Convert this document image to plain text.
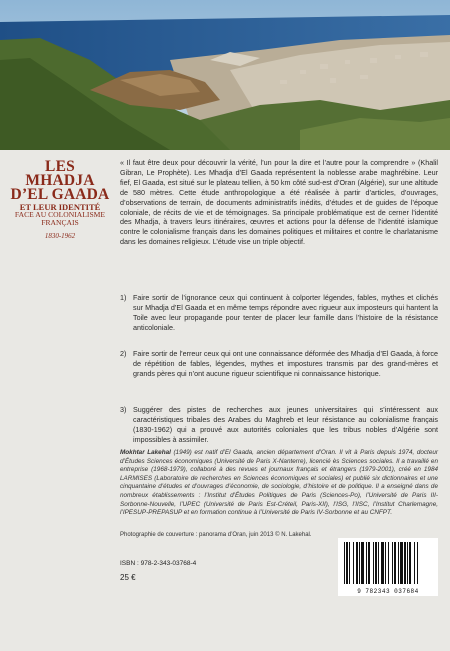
LES MHADJA D’EL GAADA
ET LEUR IDENTITÉ
FACE AU COLONIALISME FRANÇAIS
1830-1962

« Il faut être deux pour découvrir la vérité, l’un pour la dire et l’autre pour la comprendre » (Khalil Gibran, Le Prophète). Les Mhadja d’El Gaada représentent la noblesse arabe maghrébine. Leur fief, El Gaada, est situé sur le plateau tellien, à 50 km côté sud-est d’Oran (Algérie), sur une altitude de 580 mètres. Cette étude anthropologique a été réalisée à partir d’articles, d’ouvrages, d’observations de terrain, de documents administratifs inédits, d’études et de guides de l’époque coloniale, de récits de vie et de témoignages. Sa principale problématique est de cerner l’identité des Mhadja, à travers leurs itinéraires, œuvres et actions pour la défense de l’identité islamique contre le colonialisme français dans les domaines politiques et militaires et contre le charlatanisme dans les domaines religieux. L’étude vise un triple objectif.

1) Faire sortir de l’ignorance ceux qui continuent à colporter légendes, fables, mythes et clichés sur Mhadja d’El Gaada et en même temps répondre avec rigueur aux imposteurs qui hantent la Toile avec leur propagande pour tenter de placer leur famille dans l’histoire de la résistance anticoloniale.
2) Faire sortir de l’erreur ceux qui ont une connaissance déformée des Mhadja d’El Gaada, à force de répétition de fables, légendes, mythes et impostures transmis par des grand-mères et grands pères qui n’ont aucune rigueur scientifique ni connaissance historique.
3) Suggérer des pistes de recherches aux jeunes universitaires qui s’intéressent aux caractéristiques tribales des Arabes du Maghreb et leur résistance au colonialisme français (1830-1962) qui a prouvé aux autorités coloniales que les tribus nobles d’Algérie sont impossibles à assimiler.
Mokhtar Lakehal (1949) est natif d’El Gaada, ancien département d’Oran. Il vit à Paris depuis 1974, docteur d’Études Sciences économiques (Université de Paris X-Nanterre), licencié ès Sciences sociales. Il a travaillé en entreprise (1968-1979), collaboré à des revues et journaux français et étrangers (1979-2001), créé en 1984 LARMISES (Laboratoire de recherches en Sciences économiques et sociales) et publié six dictionnaires et une cinquantaine d’études et d’ouvrages d’économie, de sociologie, d’histoire et de politique. Il a enseigné dans de nombreux établissements : l’Institut d’Études Politiques de Paris (Sciences-Po), l’Université de Paris III-Sorbonne-Nouvelle, l’UPEC (Université de Paris Est-Créteil, Paris-XII), l’ISG, l’IISC, l’Institut Charlemagne, l’IPESUP-PREPASUP et en formation continue à l’Université de Paris IV-Sorbonne et au CNFPT.
Photographie de couverture : panorama d’Oran, juin 2013 © N. Lakehal.
ISBN : 978-2-343-03768-4
25 €
9 782343 037684
